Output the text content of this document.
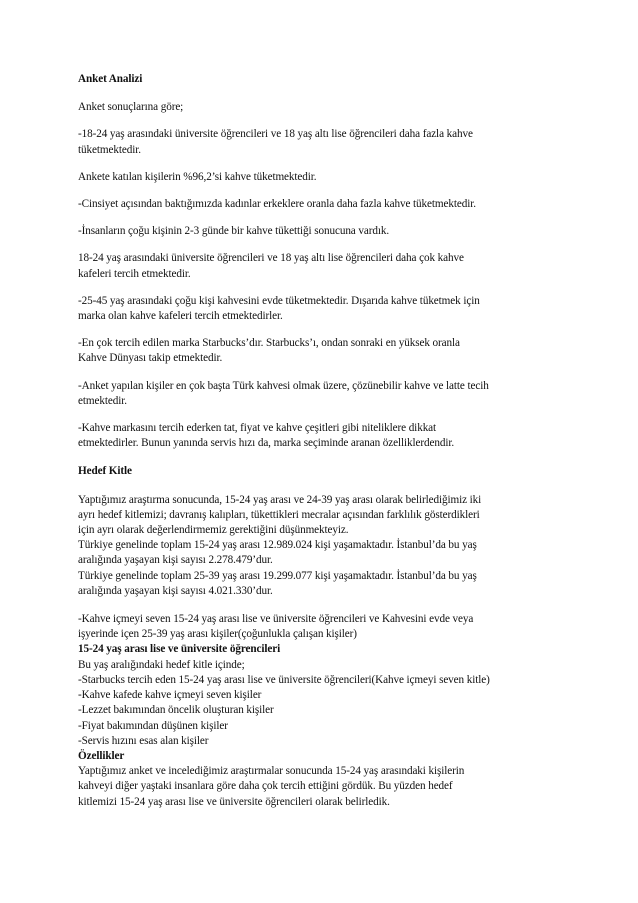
Anket Analizi
Anket sonuçlarına göre;
-18-24 yaş arasındaki üniversite öğrencileri ve 18 yaş altı lise öğrencileri daha fazla kahve
tüketmektedir.
Ankete katılan kişilerin %96,2’si kahve tüketmektedir.
-Cinsiyet açısından baktığımızda kadınlar erkeklere oranla daha fazla kahve tüketmektedir.
-İnsanların çoğu kişinin 2-3 günde bir kahve tükettiği sonucuna vardık.
18-24 yaş arasındaki üniversite öğrencileri ve 18 yaş altı lise öğrencileri daha çok kahve
kafeleri tercih etmektedir.
-25-45 yaş arasındaki çoğu kişi kahvesini evde tüketmektedir. Dışarıda kahve tüketmek için
marka olan kahve kafeleri tercih etmektedirler.
-En çok tercih edilen marka Starbucks’dır. Starbucks’ı, ondan sonraki en yüksek oranla
Kahve Dünyası takip etmektedir.
-Anket yapılan kişiler en çok başta Türk kahvesi olmak üzere, çözünebilir kahve ve latte tecih
etmektedir.
-Kahve markasını tercih ederken tat, fiyat ve kahve çeşitleri gibi niteliklere dikkat
etmektedirler. Bunun yanında servis hızı da, marka seçiminde aranan özelliklerdendir.
Hedef Kitle
Yaptığımız araştırma sonucunda, 15-24 yaş arası ve 24-39 yaş arası olarak belirlediğimiz iki
ayrı hedef kitlemizi; davranış kalıpları, tükettikleri mecralar açısından farklılık gösterdikleri
için ayrı olarak değerlendirmemiz gerektiğini düşünmekteyiz.
Türkiye genelinde toplam 15-24 yaş arası 12.989.024 kişi yaşamaktadır. İstanbul’da bu yaş
aralığında yaşayan kişi sayısı 2.278.479’dur.
Türkiye genelinde toplam 25-39 yaş arası 19.299.077 kişi yaşamaktadır. İstanbul’da bu yaş
aralığında yaşayan kişi sayısı 4.021.330’dur.
-Kahve içmeyi seven 15-24 yaş arası lise ve üniversite öğrencileri ve Kahvesini evde veya
işyerinde içen 25-39 yaş arası kişiler(çoğunlukla çalışan kişiler)
15-24 yaş arası lise ve üniversite öğrencileri
Bu yaş aralığındaki hedef kitle içinde;
-Starbucks tercih eden 15-24 yaş arası lise ve üniversite öğrencileri(Kahve içmeyi seven kitle)
-Kahve kafede kahve içmeyi seven kişiler
-Lezzet bakımından öncelik oluşturan kişiler
-Fiyat bakımından düşünen kişiler
-Servis hızını esas alan kişiler
Özellikler
Yaptığımız anket ve incelediğimiz araştırmalar sonucunda 15-24 yaş arasındaki kişilerin
kahveyi diğer yaştaki insanlara göre daha çok tercih ettiğini gördük. Bu yüzden hedef
kitlemizi 15-24 yaş arası lise ve üniversite öğrencileri olarak belirledik.
